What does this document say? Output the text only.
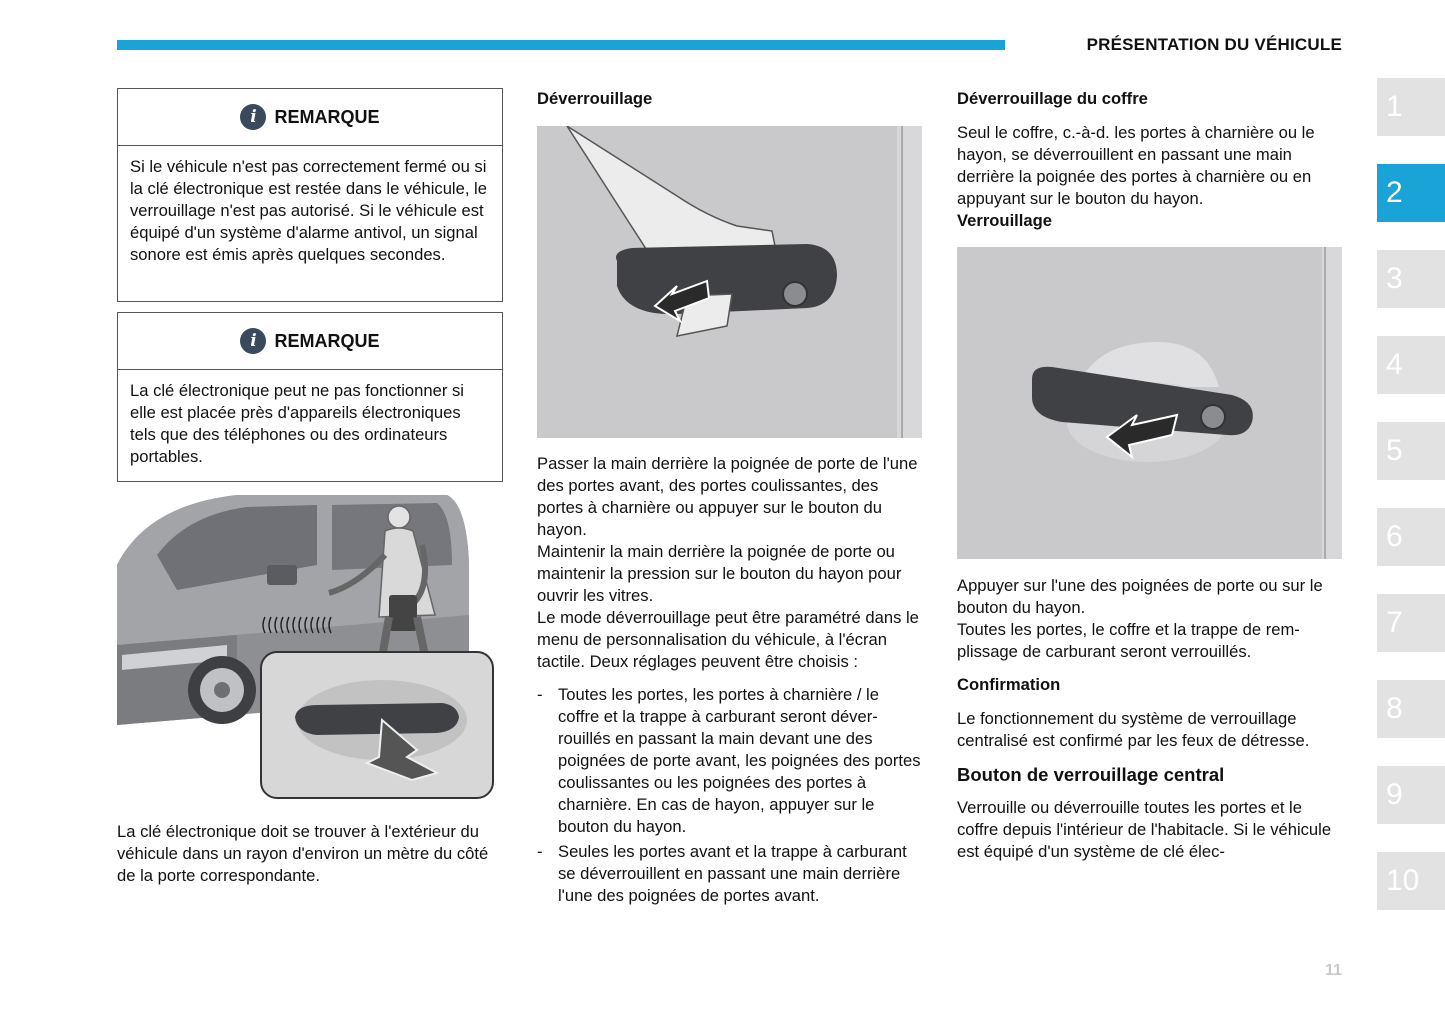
PRÉSENTATION DU VÉHICULE
i REMARQUE
Si le véhicule n'est pas correctement fermé ou si la clé électronique est restée dans le véhicule, le verrouillage n'est pas autorisé. Si le véhicule est équipé d'un système d'alarme antivol, un signal sonore est émis après quelques secondes.
i REMARQUE
La clé électronique peut ne pas fonctionner si elle est placée près d'appareils électroniques tels que des téléphones ou des ordinateurs portables.

La clé électronique doit se trouver à l'extérieur du véhicule dans un rayon d'environ un mètre du côté de la porte correspondante.

Déverrouillage

Passer la main derrière la poignée de porte de l'une des portes avant, des portes coulissantes, des portes à charnière ou appuyer sur le bouton du hayon.

Maintenir la main derrière la poignée de porte ou maintenir la pression sur le bouton du hayon pour ouvrir les vitres.

Le mode déverrouillage peut être paramétré dans le menu de personnalisation du véhicule, à l'écran tactile. Deux réglages peuvent être choisis :

- Toutes les portes, les portes à charnière / le coffre et la trappe à carburant seront déverrouillés en passant la main devant une des poignées de porte avant, les poignées des portes coulissantes ou les poignées des portes à charnière. En cas de hayon, appuyer sur le bouton du hayon.
- Seules les portes avant et la trappe à carburant se déverrouillent en passant une main derrière l'une des poignées de portes avant.

Déverrouillage du coffre

Seul le coffre, c.-à-d. les portes à charnière ou le hayon, se déverrouillent en passant une main derrière la poignée des portes à charnière ou en appuyant sur le bouton du hayon.

Verrouillage

Appuyer sur l'une des poignées de porte ou sur le bouton du hayon.

Toutes les portes, le coffre et la trappe de remplissage de carburant seront verrouillés.

Confirmation

Le fonctionnement du système de verrouillage centralisé est confirmé par les feux de détresse.

Bouton de verrouillage central

Verrouille ou déverrouille toutes les portes et le coffre depuis l'intérieur de l'habitacle. Si le véhicule est équipé d'un système de clé élec-

1
2
3
4
5
6
7
8
9
10
11
